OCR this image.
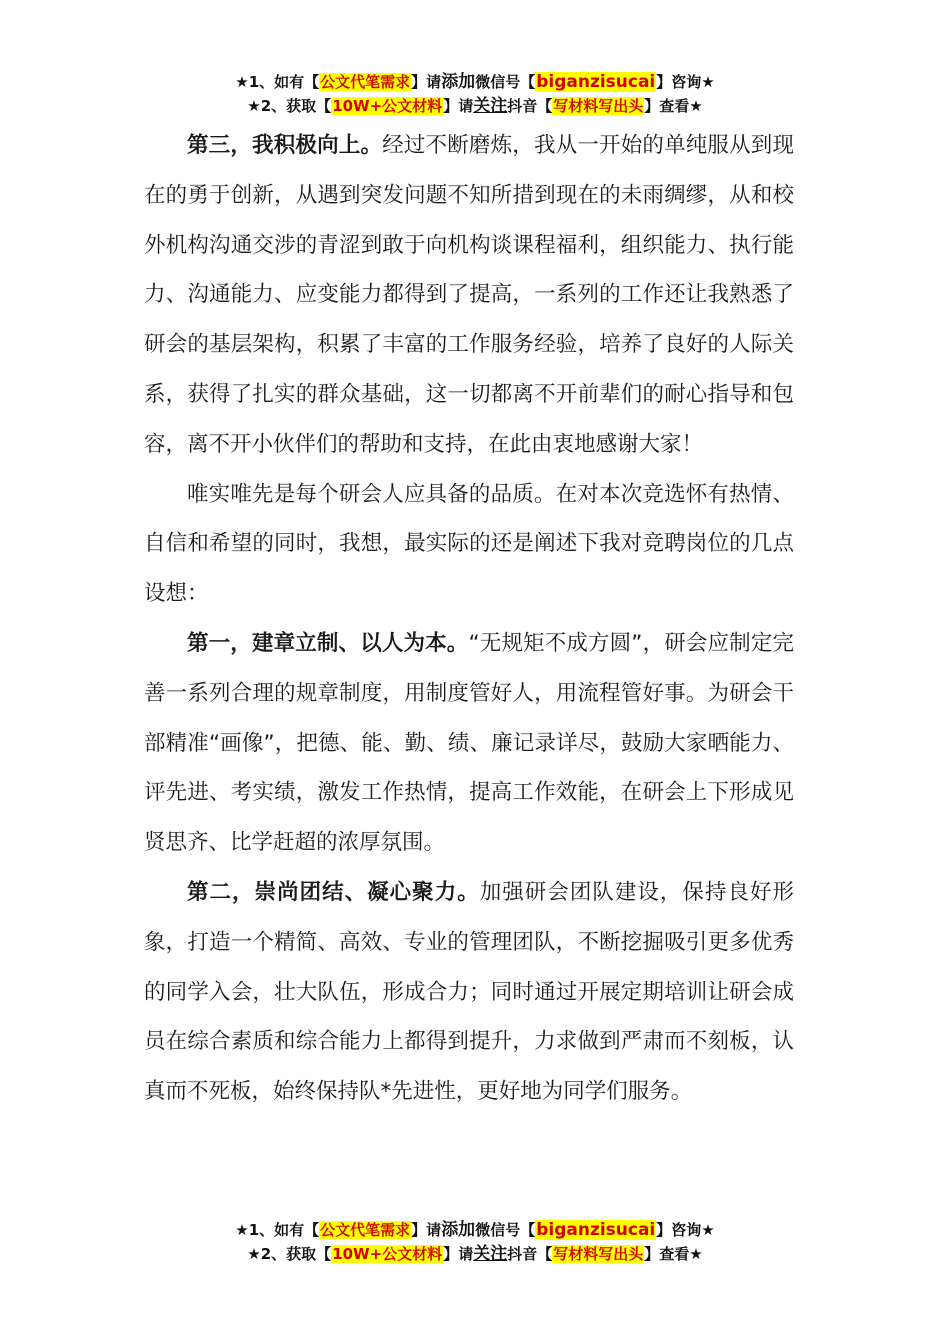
★1、如有【公文代笔需求】请添加微信号【biganzisucai】咨询★
★2、获取【10W+公文材料】请关注抖音【写材料写出头】查看★

第三，我积极向上。经过不断磨炼，我从一开始的单纯服从到现在的勇于创新，从遇到突发问题不知所措到现在的未雨绸缪，从和校外机构沟通交涉的青涩到敢于向机构谈课程福利，组织能力、执行能力、沟通能力、应变能力都得到了提高，一系列的工作还让我熟悉了研会的基层架构，积累了丰富的工作服务经验，培养了良好的人际关系，获得了扎实的群众基础，这一切都离不开前辈们的耐心指导和包容，离不开小伙伴们的帮助和支持，在此由衷地感谢大家！

唯实唯先是每个研会人应具备的品质。在对本次竞选怀有热情、自信和希望的同时，我想，最实际的还是阐述下我对竞聘岗位的几点设想：

第一，建章立制、以人为本。“无规矩不成方圆”，研会应制定完善一系列合理的规章制度，用制度管好人，用流程管好事。为研会干部精准“画像”，把德、能、勤、绩、廉记录详尽，鼓励大家晒能力、评先进、考实绩，激发工作热情，提高工作效能，在研会上下形成见贤思齐、比学赶超的浓厚氛围。

第二，崇尚团结、凝心聚力。加强研会团队建设，保持良好形象，打造一个精简、高效、专业的管理团队，不断挖掘吸引更多优秀的同学入会，壮大队伍，形成合力；同时通过开展定期培训让研会成员在综合素质和综合能力上都得到提升，力求做到严肃而不刻板，认真而不死板，始终保持队*先进性，更好地为同学们服务。

★1、如有【公文代笔需求】请添加微信号【biganzisucai】咨询★
★2、获取【10W+公文材料】请关注抖音【写材料写出头】查看★
